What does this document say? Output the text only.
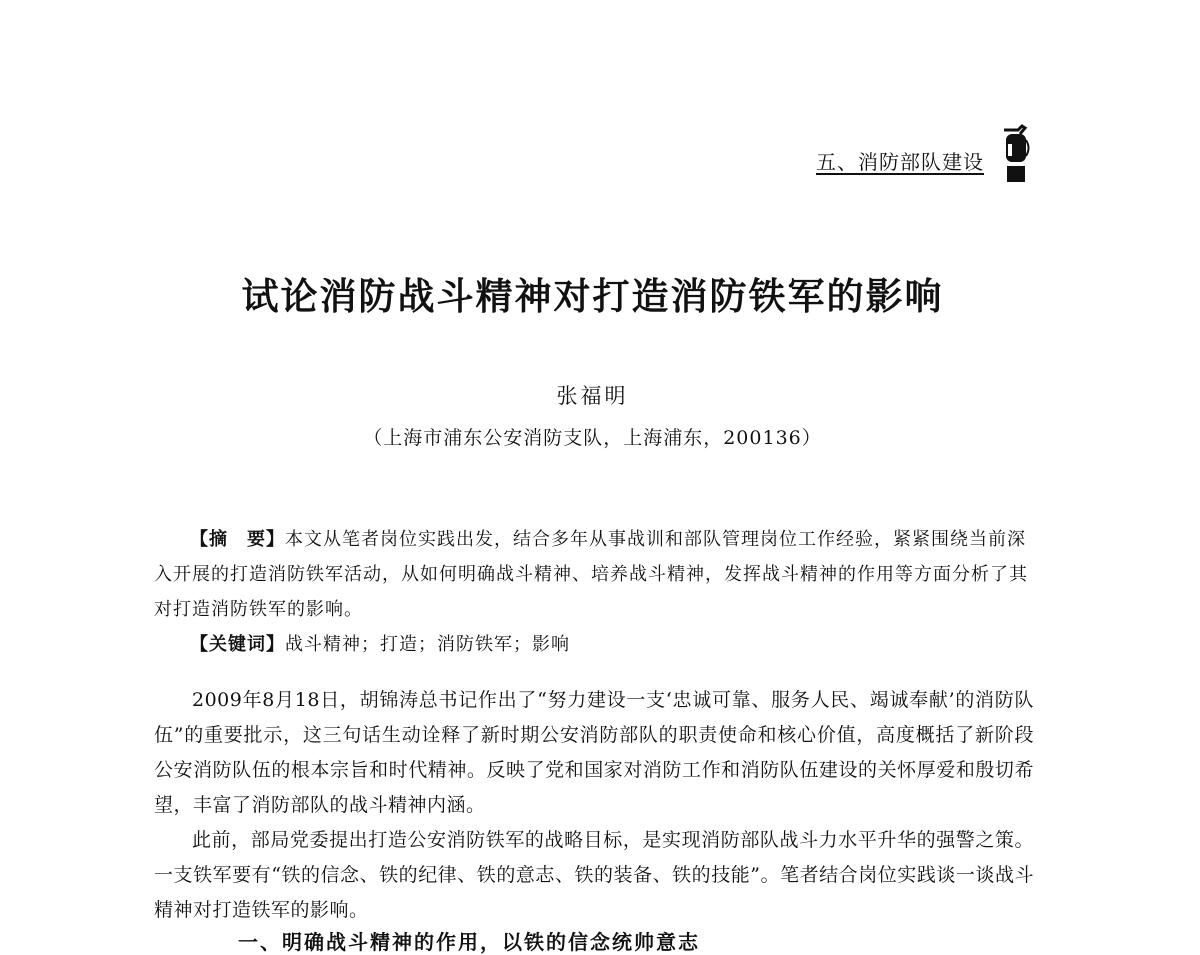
五、消防部队建设
试论消防战斗精神对打造消防铁军的影响
张福明
（上海市浦东公安消防支队，上海浦东，200136）

【摘　要】本文从笔者岗位实践出发，结合多年从事战训和部队管理岗位工作经验，紧紧围绕当前深入开展的打造消防铁军活动，从如何明确战斗精神、培养战斗精神，发挥战斗精神的作用等方面分析了其对打造消防铁军的影响。

【关键词】战斗精神；打造；消防铁军；影响

2009年8月18日，胡锦涛总书记作出了“努力建设一支‘忠诚可靠、服务人民、竭诚奉献’的消防队伍”的重要批示，这三句话生动诠释了新时期公安消防部队的职责使命和核心价值，高度概括了新阶段公安消防队伍的根本宗旨和时代精神。反映了党和国家对消防工作和消防队伍建设的关怀厚爱和殷切希望，丰富了消防部队的战斗精神内涵。

此前，部局党委提出打造公安消防铁军的战略目标，是实现消防部队战斗力水平升华的强警之策。一支铁军要有“铁的信念、铁的纪律、铁的意志、铁的装备、铁的技能”。笔者结合岗位实践谈一谈战斗精神对打造铁军的影响。

一、明确战斗精神的作用，以铁的信念统帅意志
